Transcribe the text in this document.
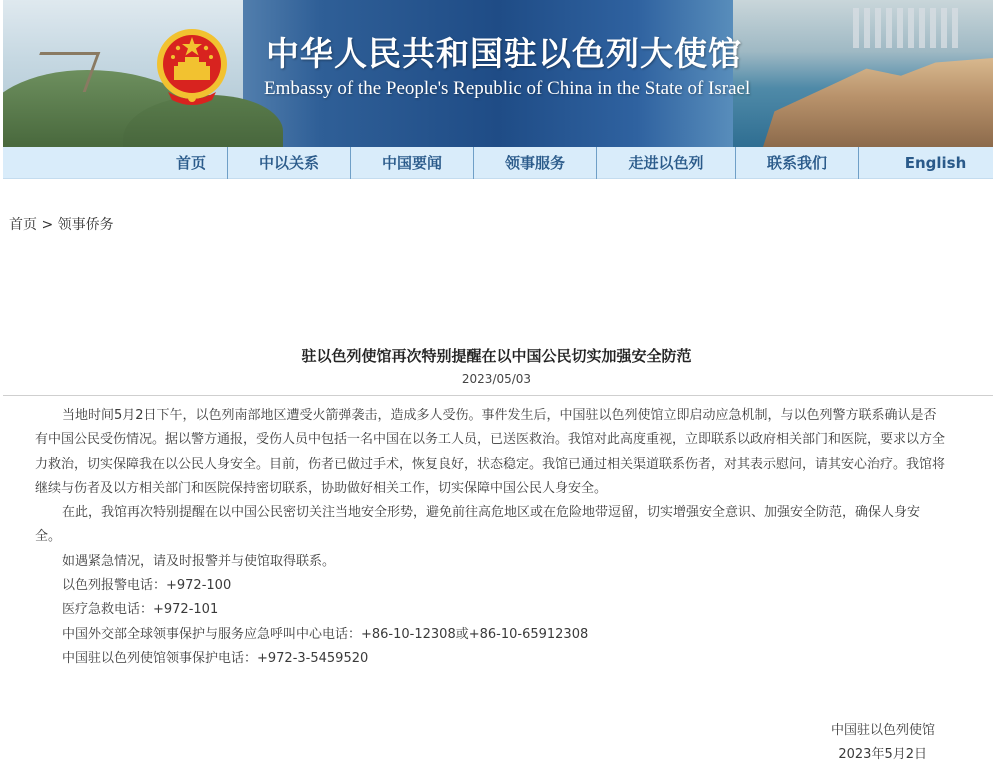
中华人民共和国驻以色列大使馆
Embassy of the People's Republic of China in the State of Israel
首页	中以关系	中国要闻	领事服务	走进以色列	联系我们	English
首页 > 领事侨务
驻以色列使馆再次特别提醒在以中国公民切实加强安全防范
2023/05/03

当地时间5月2日下午，以色列南部地区遭受火箭弹袭击，造成多人受伤。事件发生后，中国驻以色列使馆立即启动应急机制，与以色列警方联系确认是否有中国公民受伤情况。据以警方通报，受伤人员中包括一名中国在以务工人员，已送医救治。我馆对此高度重视，立即联系以政府相关部门和医院，要求以方全力救治，切实保障我在以公民人身安全。目前，伤者已做过手术，恢复良好，状态稳定。我馆已通过相关渠道联系伤者，对其表示慰问，请其安心治疗。我馆将继续与伤者及以方相关部门和医院保持密切联系，协助做好相关工作，切实保障中国公民人身安全。

在此，我馆再次特别提醒在以中国公民密切关注当地安全形势，避免前往高危地区或在危险地带逗留，切实增强安全意识、加强安全防范，确保人身安全。

如遇紧急情况，请及时报警并与使馆取得联系。

以色列报警电话：+972-100

医疗急救电话：+972-101

中国外交部全球领事保护与服务应急呼叫中心电话：+86-10-12308或+86-10-65912308

中国驻以色列使馆领事保护电话：+972-3-5459520

中国驻以色列使馆
2023年5月2日
